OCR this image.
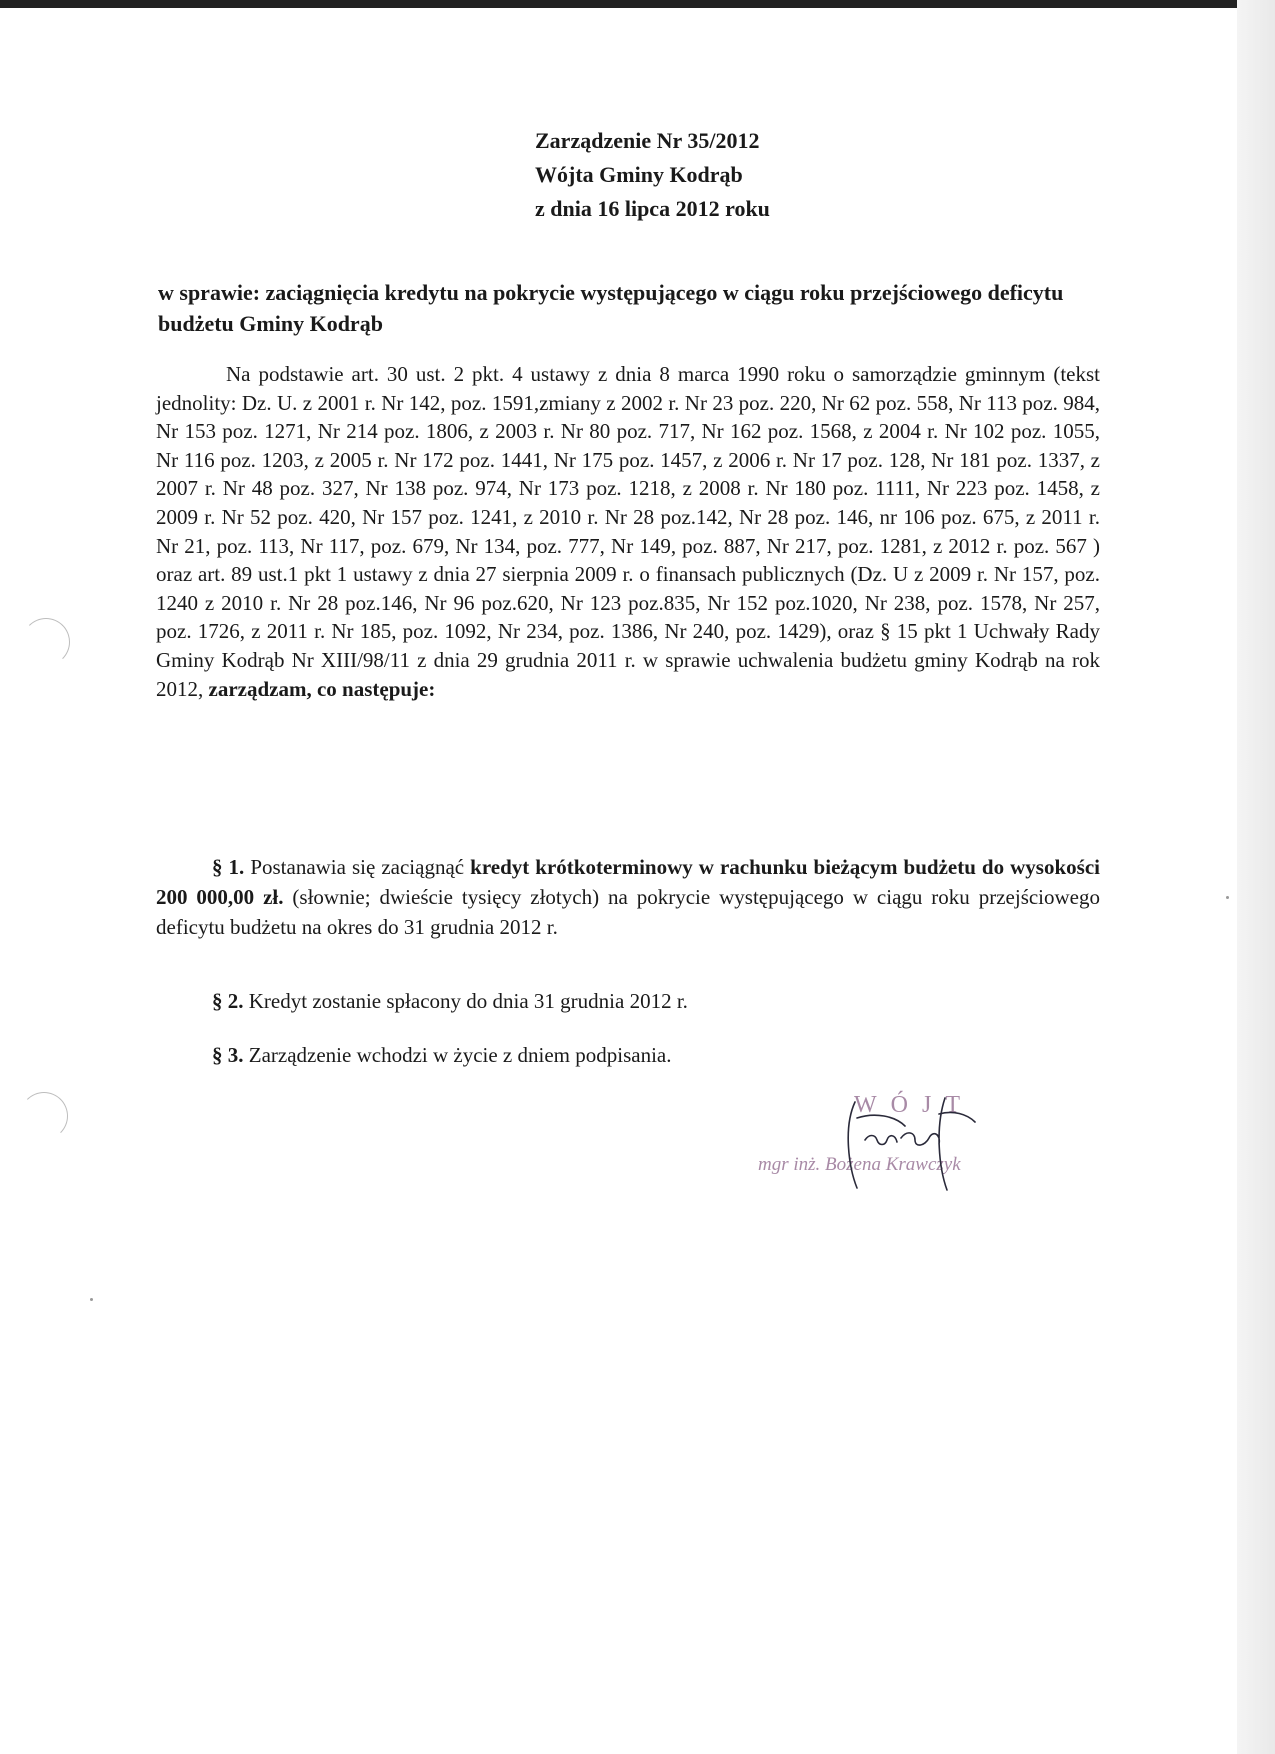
Zarządzenie Nr 35/2012
Wójta Gminy Kodrąb
z dnia 16 lipca 2012 roku
w sprawie: zaciągnięcia kredytu na pokrycie występującego w ciągu roku przejściowego deficytu budżetu Gminy Kodrąb
Na podstawie art. 30 ust. 2 pkt. 4 ustawy z dnia 8 marca 1990 roku o samorządzie gminnym (tekst jednolity: Dz. U. z 2001 r. Nr 142, poz. 1591,zmiany z 2002 r. Nr 23 poz. 220, Nr 62 poz. 558, Nr 113 poz. 984, Nr 153 poz. 1271, Nr 214 poz. 1806, z 2003 r. Nr 80 poz. 717, Nr 162 poz. 1568, z 2004 r. Nr 102 poz. 1055, Nr 116 poz. 1203, z 2005 r. Nr 172 poz. 1441, Nr 175 poz. 1457, z 2006 r. Nr 17 poz. 128, Nr 181 poz. 1337, z 2007 r. Nr 48 poz. 327, Nr 138 poz. 974, Nr 173 poz. 1218, z 2008 r. Nr 180 poz. 1111, Nr 223 poz. 1458, z 2009 r. Nr 52 poz. 420, Nr 157 poz. 1241, z 2010 r. Nr 28 poz.142, Nr 28 poz. 146, nr 106 poz. 675, z 2011 r. Nr 21, poz. 113, Nr 117, poz. 679, Nr 134, poz. 777, Nr 149, poz. 887, Nr 217, poz. 1281, z 2012 r. poz. 567 ) oraz art. 89 ust.1 pkt 1 ustawy z dnia 27 sierpnia 2009 r. o finansach publicznych (Dz. U z 2009 r. Nr 157, poz. 1240 z 2010 r. Nr 28 poz.146, Nr 96 poz.620, Nr 123 poz.835, Nr 152 poz.1020, Nr 238, poz. 1578, Nr 257, poz. 1726, z 2011 r. Nr 185, poz. 1092, Nr 234, poz. 1386, Nr 240, poz. 1429), oraz § 15 pkt 1 Uchwały Rady Gminy Kodrąb Nr XIII/98/11 z dnia 29 grudnia 2011 r. w sprawie uchwalenia budżetu gminy Kodrąb na rok 2012, zarządzam, co następuje:
§ 1. Postanawia się zaciągnąć kredyt krótkoterminowy w rachunku bieżącym budżetu do wysokości 200 000,00 zł. (słownie; dwieście tysięcy złotych) na pokrycie występującego w ciągu roku przejściowego deficytu budżetu na okres do 31 grudnia 2012 r.
§ 2. Kredyt zostanie spłacony do dnia 31 grudnia 2012 r.
§ 3. Zarządzenie wchodzi w życie z dniem podpisania.
WÓJT
mgr inż. Bożena Krawczyk
